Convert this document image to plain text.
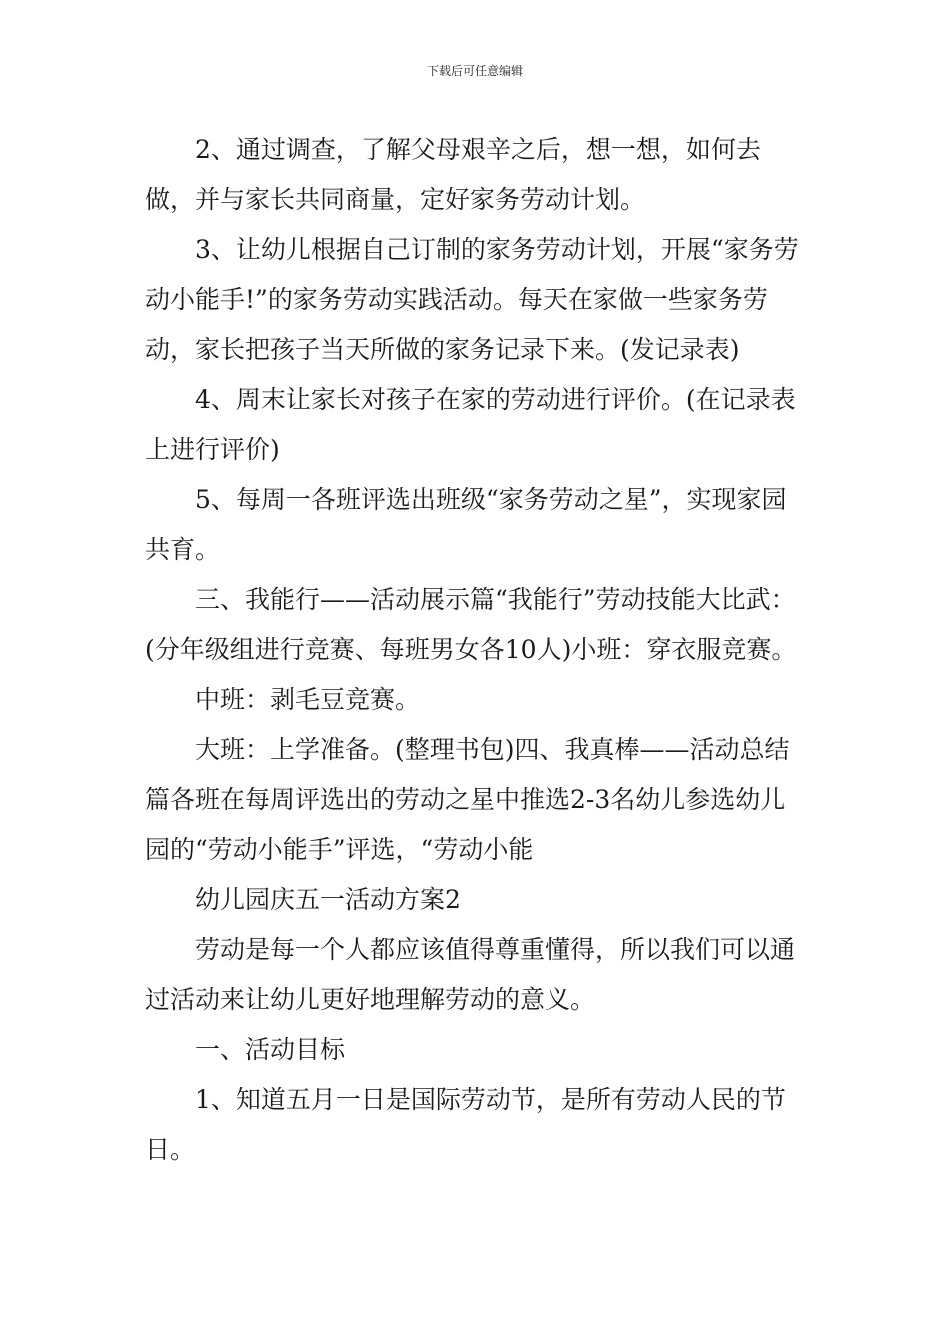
下载后可任意编辑

2、通过调查，了解父母艰辛之后，想一想，如何去做，并与家长共同商量，定好家务劳动计划。

3、让幼儿根据自己订制的家务劳动计划，开展“家务劳动小能手!”的家务劳动实践活动。每天在家做一些家务劳动，家长把孩子当天所做的家务记录下来。(发记录表)

4、周末让家长对孩子在家的劳动进行评价。(在记录表上进行评价)

5、每周一各班评选出班级“家务劳动之星”，实现家园共育。

三、我能行——活动展示篇“我能行”劳动技能大比武：(分年级组进行竞赛、每班男女各10人)小班：穿衣服竞赛。

中班：剥毛豆竞赛。

大班：上学准备。(整理书包)四、我真棒——活动总结篇各班在每周评选出的劳动之星中推选2-3名幼儿参选幼儿园的“劳动小能手”评选，“劳动小能

幼儿园庆五一活动方案2

劳动是每一个人都应该值得尊重懂得，所以我们可以通过活动来让幼儿更好地理解劳动的意义。

一、活动目标

1、知道五月一日是国际劳动节，是所有劳动人民的节日。
